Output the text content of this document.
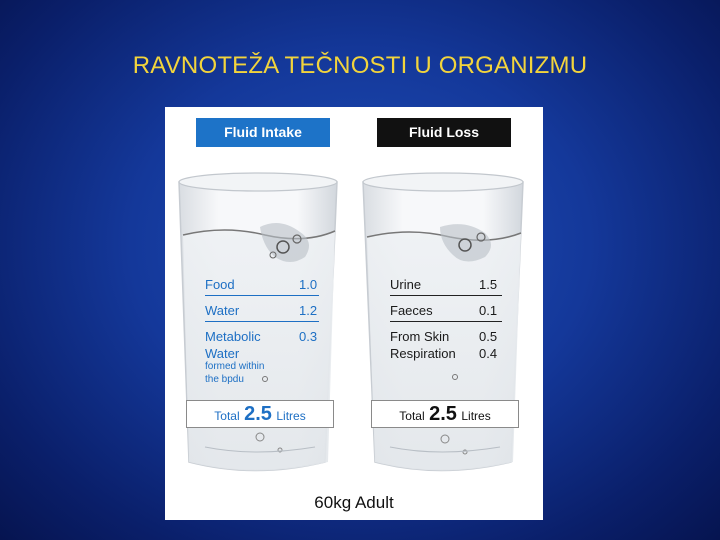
RAVNOTEŽA TEČNOSTI U ORGANIZMU
Fluid Intake	Fluid Loss
Food	1.0
Water	1.2
Metabolic	0.3
Water
formed within
the bpdu
Urine	1.5
Faeces	0.1
From Skin 0.5
Respiration 0.4
Total 2.5 Litres	Total 2.5 Litres
60kg Adult
